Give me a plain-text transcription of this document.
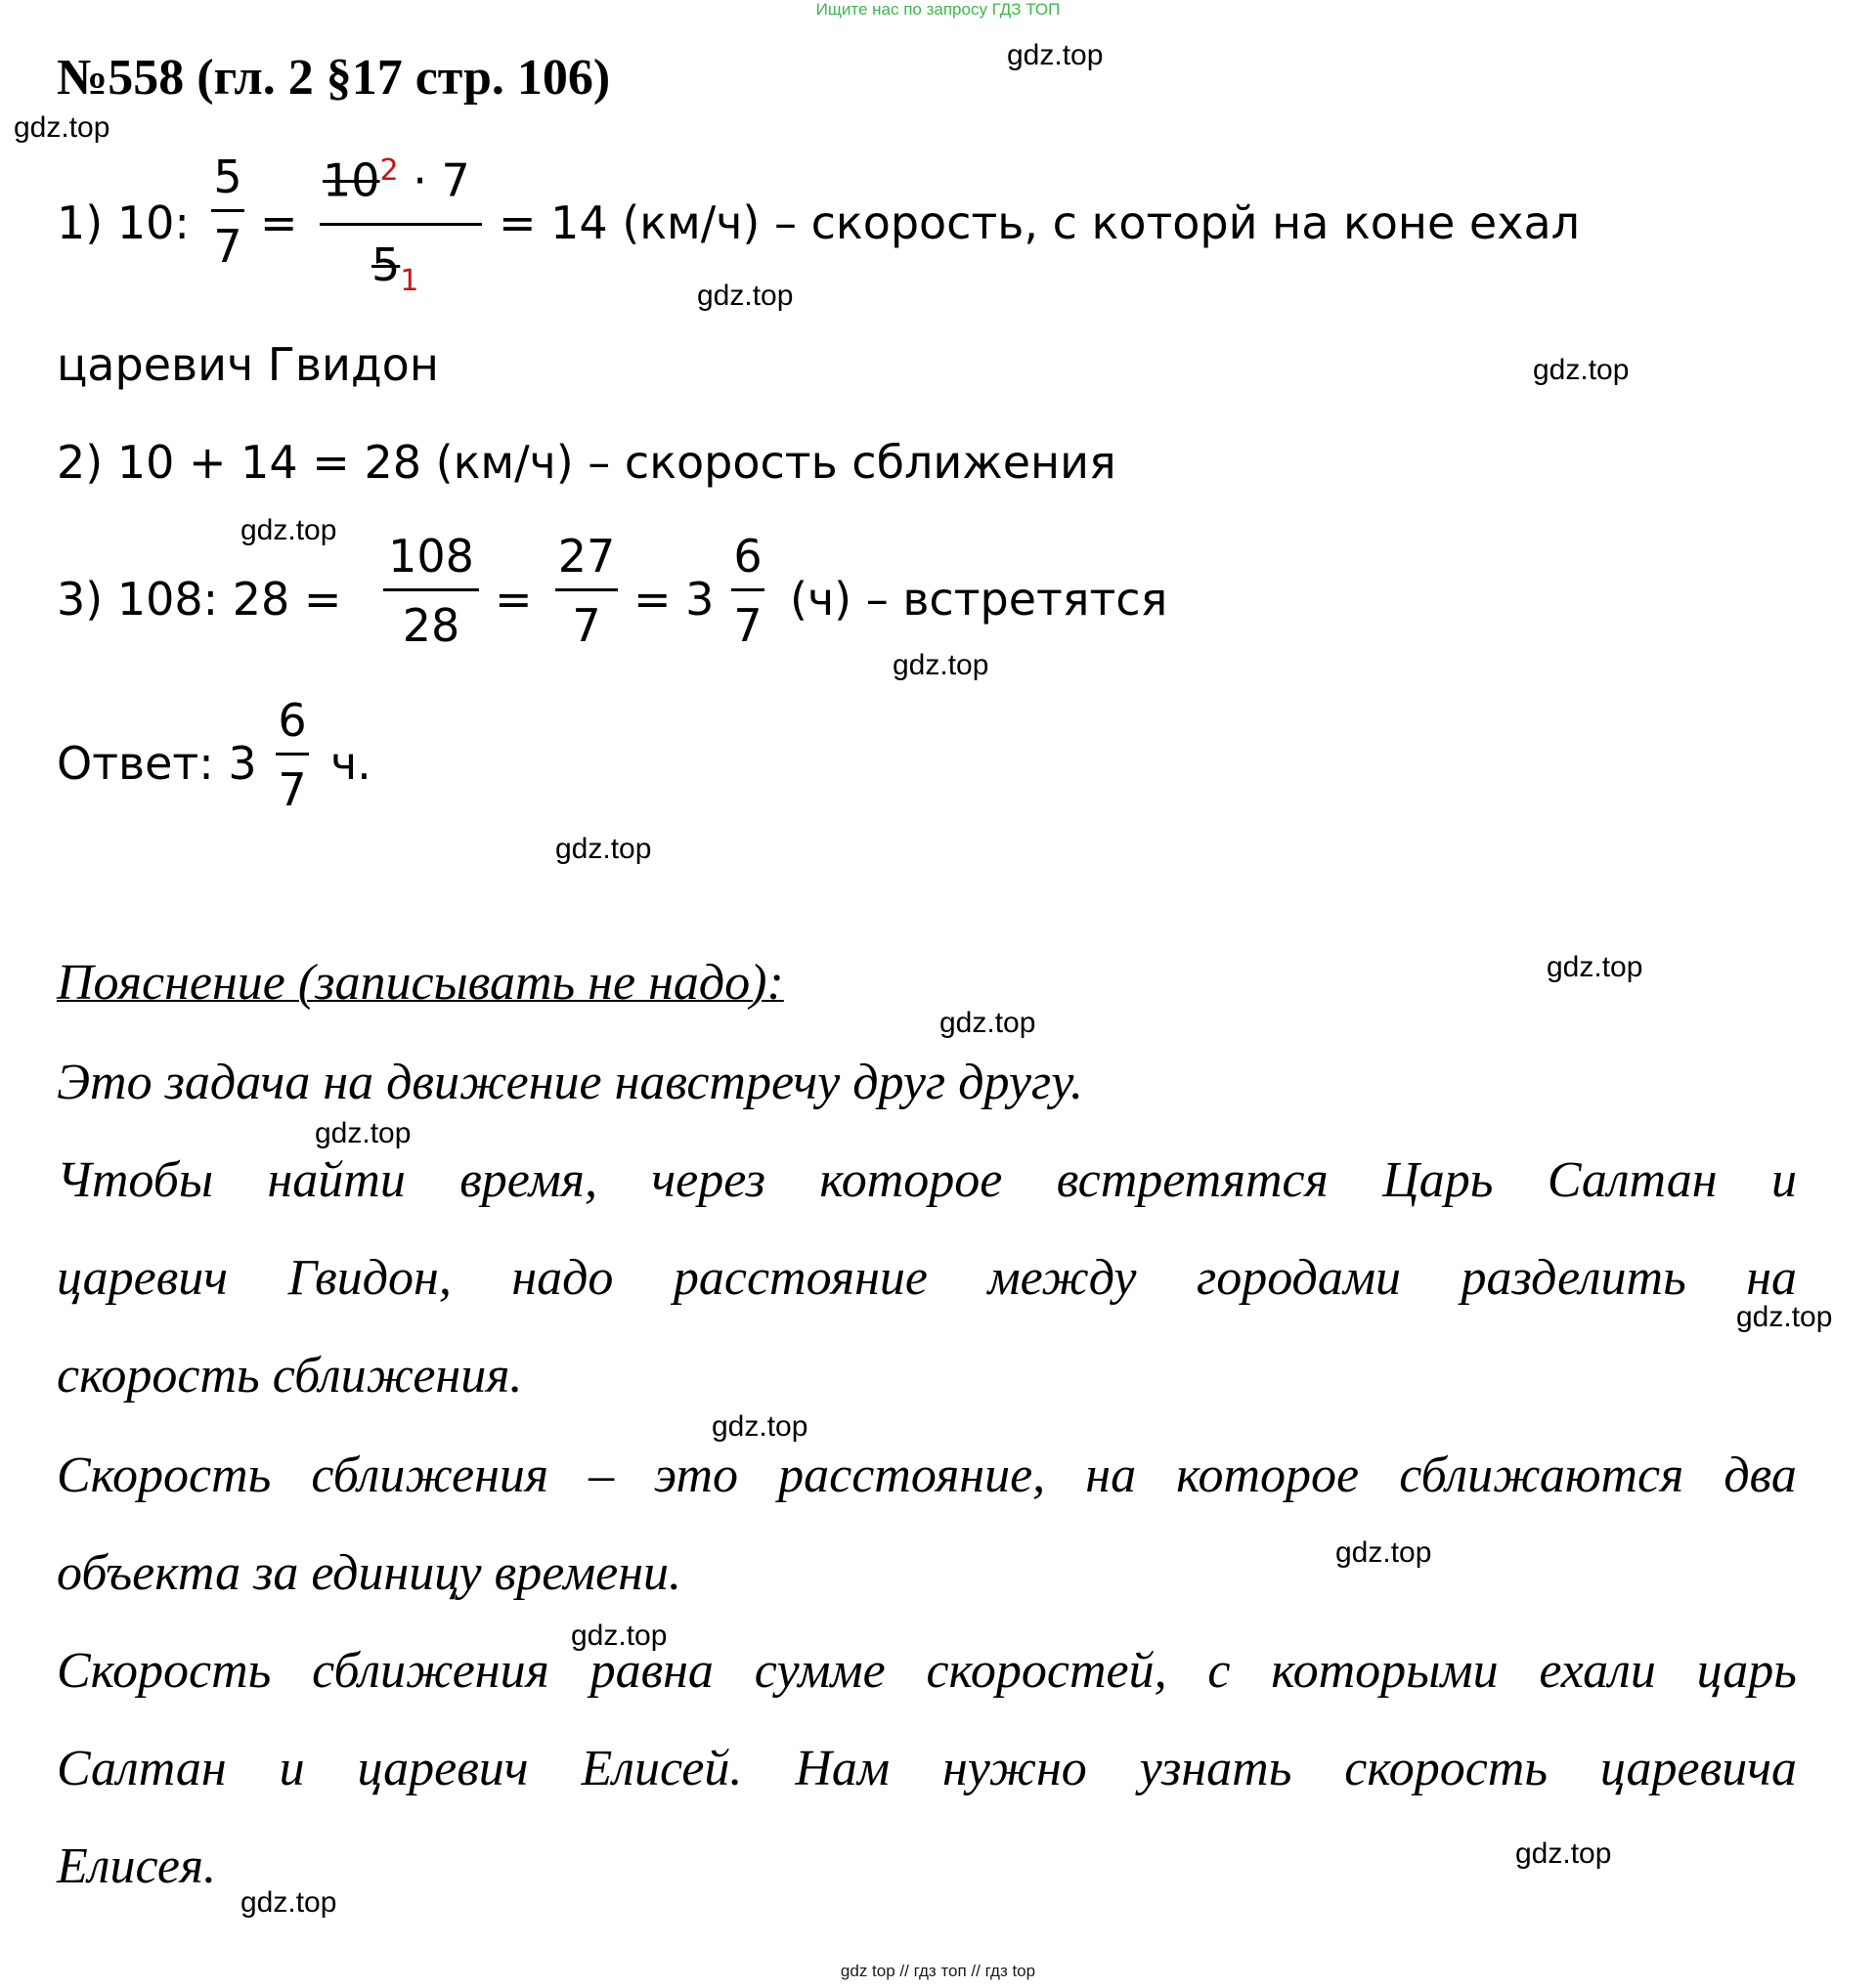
Ищите нас по запросу ГДЗ ТОП
№558 (гл. 2 §17 стр. 106)	gdz.top
gdz.top
gdz.top
gdz.top
gdz.top
gdz.top
gdz.top
gdz.top
gdz.top
gdz.top
gdz.top
gdz.top
gdz.top
gdz.top
gdz.top
gdz.top
1) 10:
5
7 =
$10^2 \cdot 7$
$5_1$
= 14 (км/ч) – скорость, с которй на коне ехал
царевич Гвидон
2) 10 + 14 = 28 (км/ч) – скорость сближения
3) 108: 28 =
108
28 =
27
7 = 3
6
7 (ч) – встретятся
Ответ: 3
6
7 ч.
Пояснение (записывать не надо):
Это задача на движение навстречу друг другу.
Чтобы найти время, через которое встретятся Царь Салтан и
царевич Гвидон, надо расстояние между городами разделить на
скорость сближения.
Скорость сближения – это расстояние, на которое сближаются два
объекта за единицу времени.
Скорость сближения равна сумме скоростей, с которыми ехали царь
Салтан и царевич Елисей. Нам нужно узнать скорость царевича
Елисея.
gdz top // гдз топ // гдз top
